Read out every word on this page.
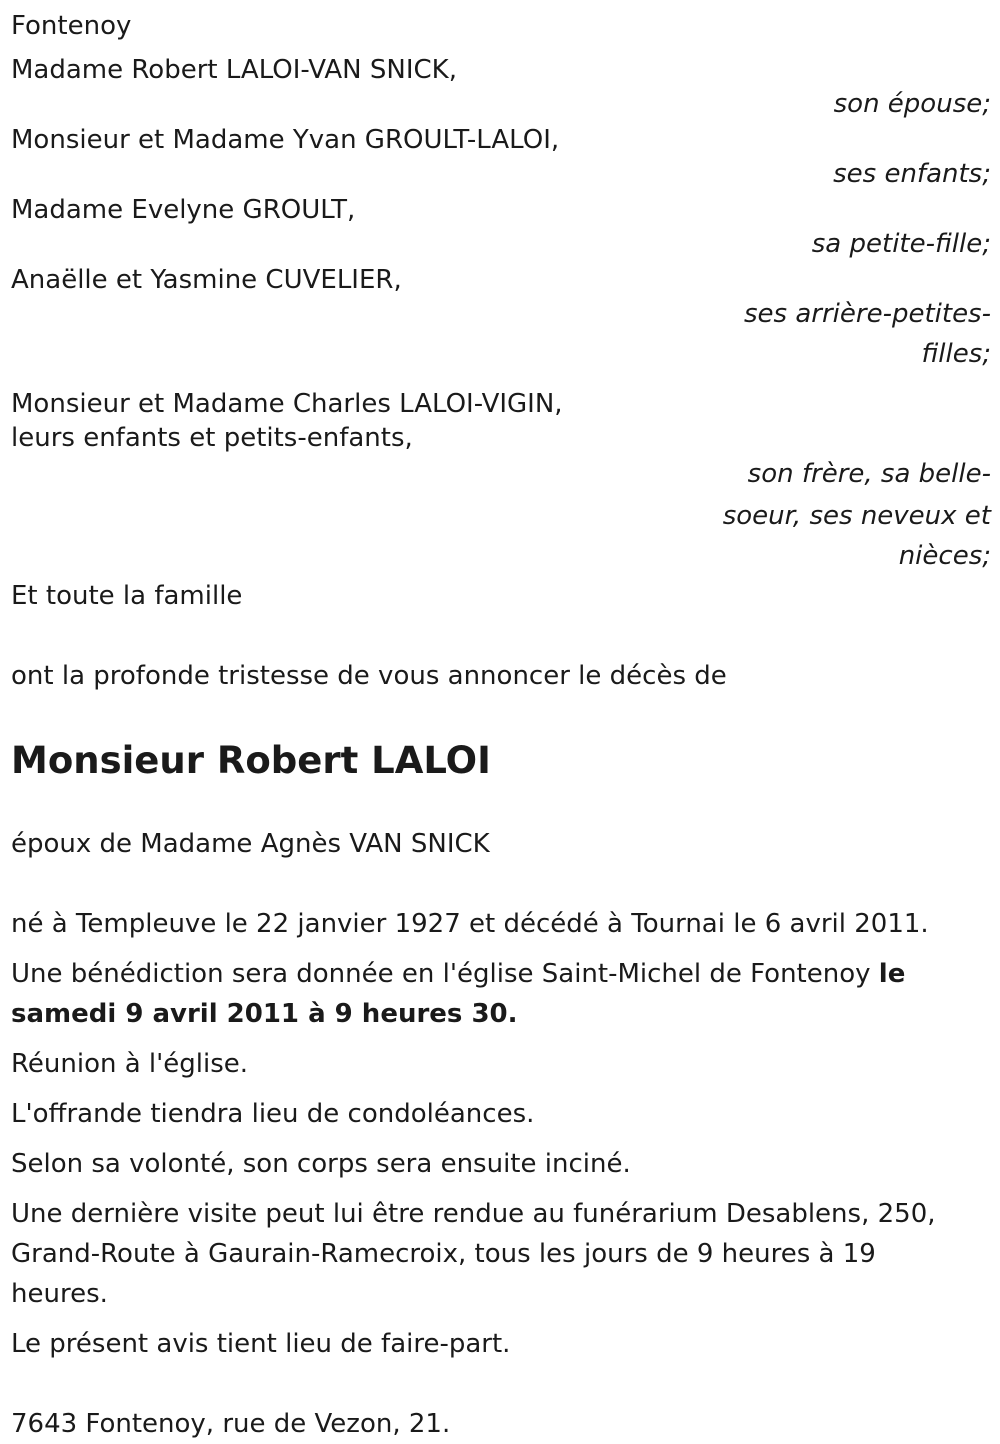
Fontenoy
Madame Robert LALOI-VAN SNICK,
son épouse;
Monsieur et Madame Yvan GROULT-LALOI,
ses enfants;
Madame Evelyne GROULT,
sa petite-fille;
Anaëlle et Yasmine CUVELIER,
ses arrière-petites-
filles;
Monsieur et Madame Charles LALOI-VIGIN,
leurs enfants et petits-enfants,
son frère, sa belle-
soeur, ses neveux et
nièces;
Et toute la famille
ont la profonde tristesse de vous annoncer le décès de
Monsieur Robert LALOI
époux de Madame Agnès VAN SNICK
né à Templeuve le 22 janvier 1927 et décédé à Tournai le 6 avril 2011.
Une bénédiction sera donnée en l'église Saint-Michel de Fontenoy le
samedi 9 avril 2011 à 9 heures 30.
Réunion à l'église.
L'offrande tiendra lieu de condoléances.
Selon sa volonté, son corps sera ensuite inciné.
Une dernière visite peut lui être rendue au funérarium Desablens, 250,
Grand-Route à Gaurain-Ramecroix, tous les jours de 9 heures à 19
heures.
Le présent avis tient lieu de faire-part.
7643 Fontenoy, rue de Vezon, 21.
